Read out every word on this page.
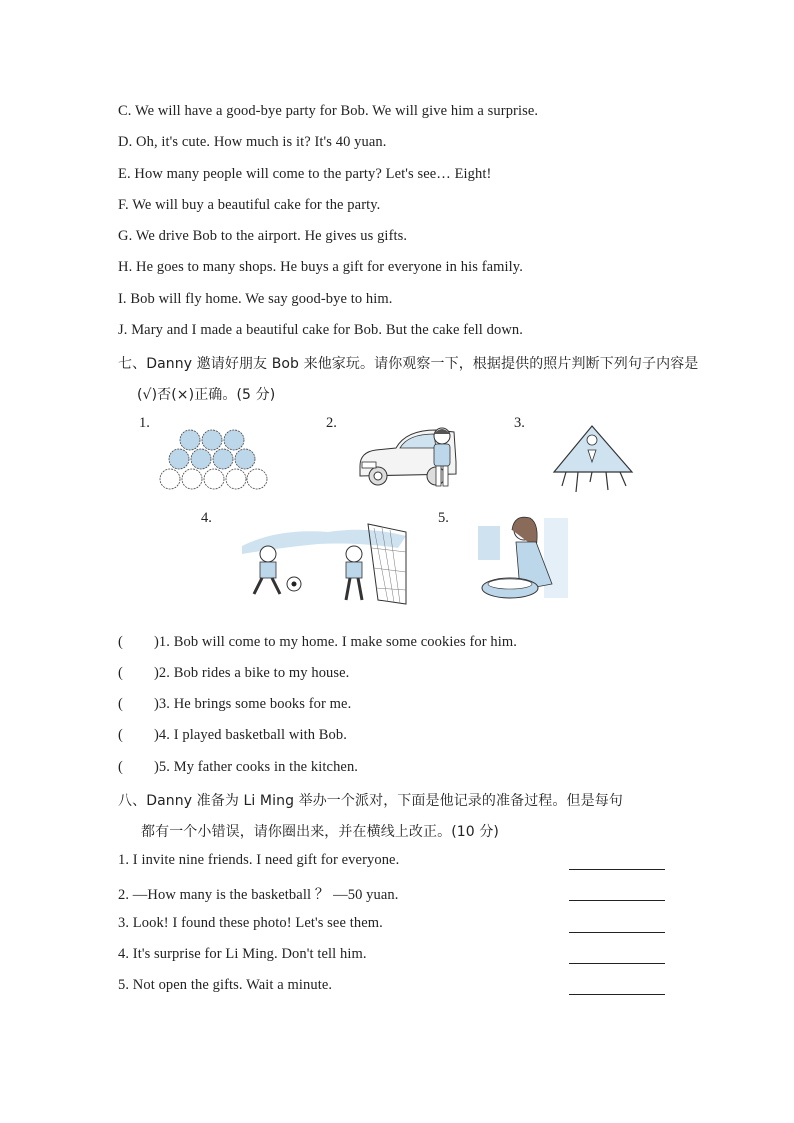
C. We will have a good-bye party for Bob. We will give him a surprise.
D. Oh, it's cute. How much is it? It's 40 yuan.
E. How many people will come to the party? Let's see… Eight!
F. We will buy a beautiful cake for the party.
G. We drive Bob to the airport. He gives us gifts.
H. He goes to many shops. He buys a gift for everyone in his family.
I. Bob will fly home. We say good-bye to him.
J. Mary and I made a beautiful cake for Bob. But the cake fell down.
七、Danny 邀请好朋友 Bob 来他家玩。请你观察一下，根据提供的照片判断下列句子内容是
(√)否(×)正确。(5 分)
1.	2.	3.
4.	5.
( )1. Bob will come to my home. I make some cookies for him.
( )2. Bob rides a bike to my house.
( )3. He brings some books for me.
( )4. I played basketball with Bob.
( )5. My father cooks in the kitchen.
八、Danny 准备为 Li Ming 举办一个派对，下面是他记录的准备过程。但是每句
都有一个小错误，请你圈出来，并在横线上改正。(10 分)
1. I invite nine friends. I need gift for everyone.
2. —How many is the basketball ？ —50 yuan.
3. Look! I found these photo! Let's see them.
4. It's surprise for Li Ming. Don't tell him.
5. Not open the gifts. Wait a minute.
